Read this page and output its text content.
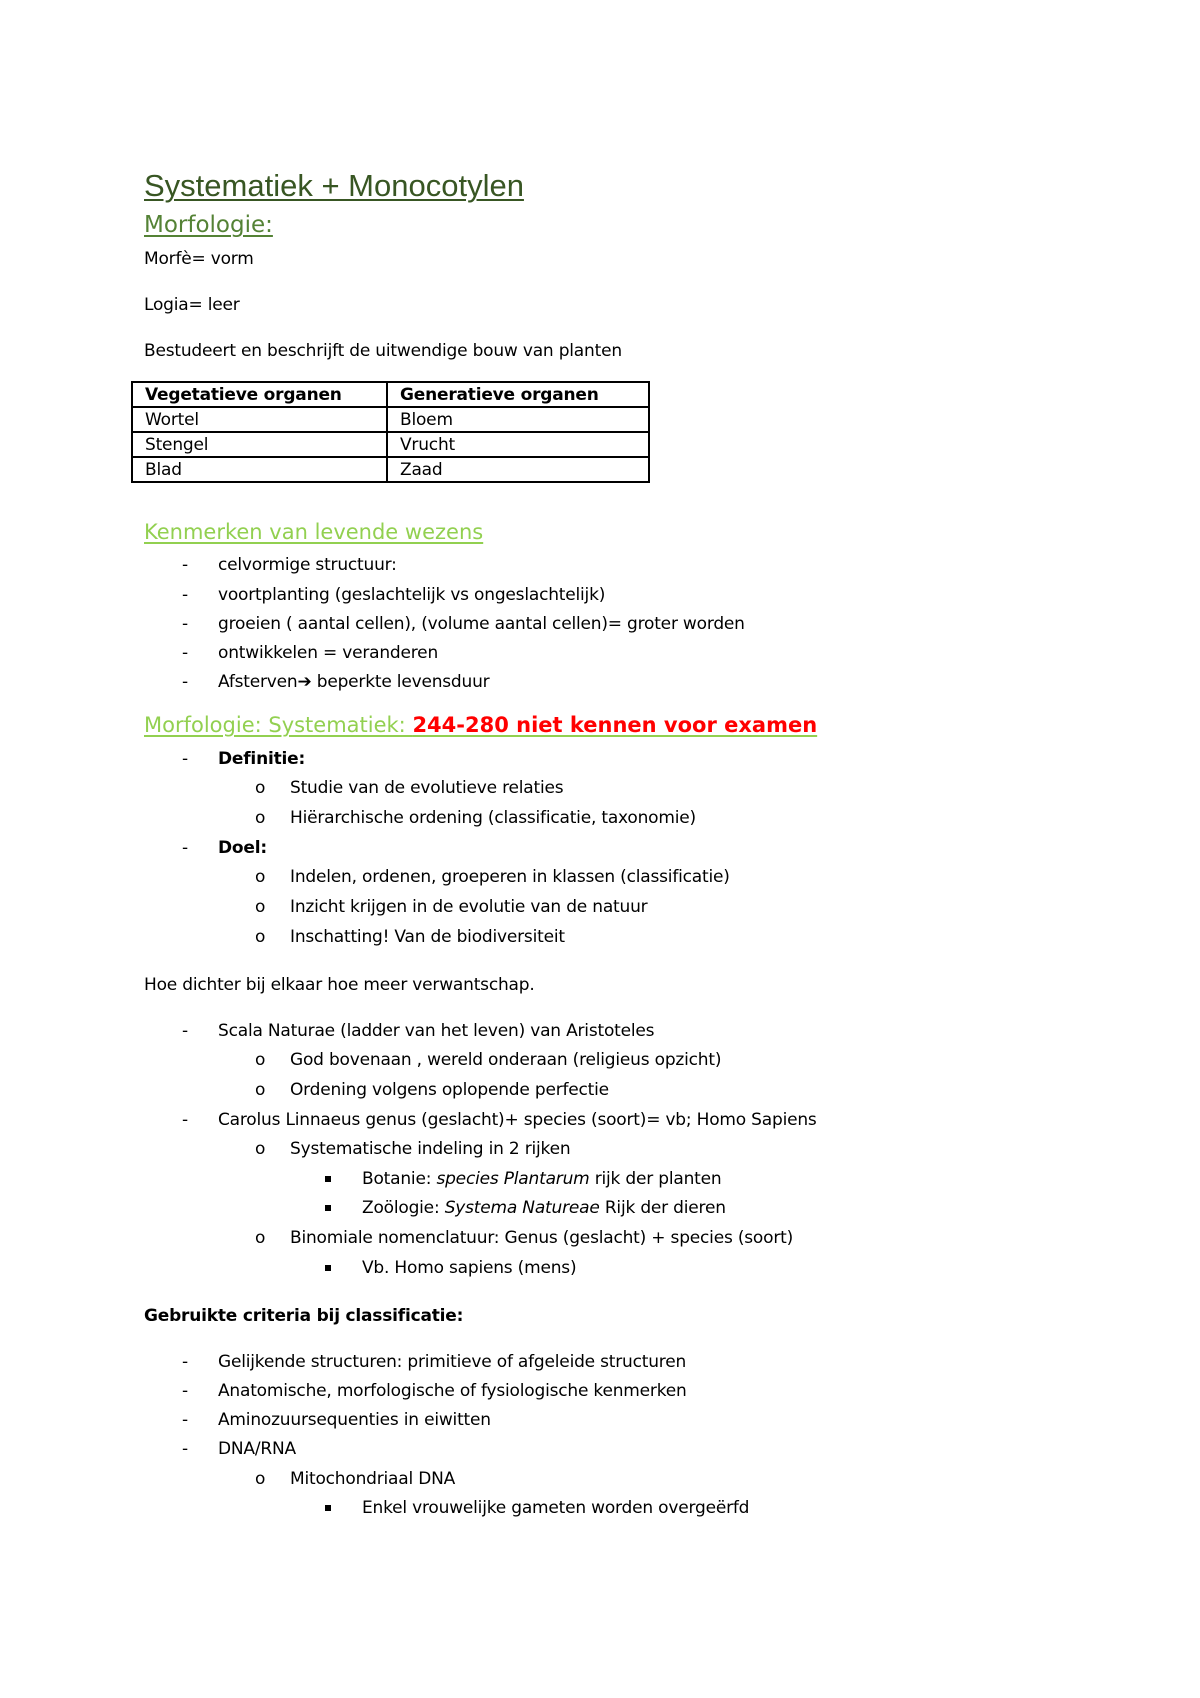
Systematiek + Monocotylen
Morfologie:
Morfè= vorm
Logia= leer
Bestudeert en beschrijft de uitwendige bouw van planten
Vegetatieve organen	Generatieve organen
Wortel	Bloem
Stengel	Vrucht
Blad	Zaad
Kenmerken van levende wezens
- celvormige structuur:
- voortplanting (geslachtelijk vs ongeslachtelijk)
- groeien ( aantal cellen), (volume aantal cellen)= groter worden
- ontwikkelen = veranderen
- Afsterven➔ beperkte levensduur
Morfologie: Systematiek: 244-280 niet kennen voor examen
- Definitie:
o Studie van de evolutieve relaties
o Hiërarchische ordening (classificatie, taxonomie)
- Doel:
o Indelen, ordenen, groeperen in klassen (classificatie)
o Inzicht krijgen in de evolutie van de natuur
o Inschatting! Van de biodiversiteit
Hoe dichter bij elkaar hoe meer verwantschap.
- Scala Naturae (ladder van het leven) van Aristoteles
o God bovenaan , wereld onderaan (religieus opzicht)
o Ordening volgens oplopende perfectie
- Carolus Linnaeus genus (geslacht)+ species (soort)= vb; Homo Sapiens
o Systematische indeling in 2 rijken
Botanie: species Plantarum rijk der planten
Zoölogie: Systema Natureae Rijk der dieren
o Binomiale nomenclatuur: Genus (geslacht) + species (soort)
Vb. Homo sapiens (mens)
Gebruikte criteria bij classificatie:
- Gelijkende structuren: primitieve of afgeleide structuren
- Anatomische, morfologische of fysiologische kenmerken
- Aminozuursequenties in eiwitten
- DNA/RNA
o Mitochondriaal DNA
Enkel vrouwelijke gameten worden overgeërfd
